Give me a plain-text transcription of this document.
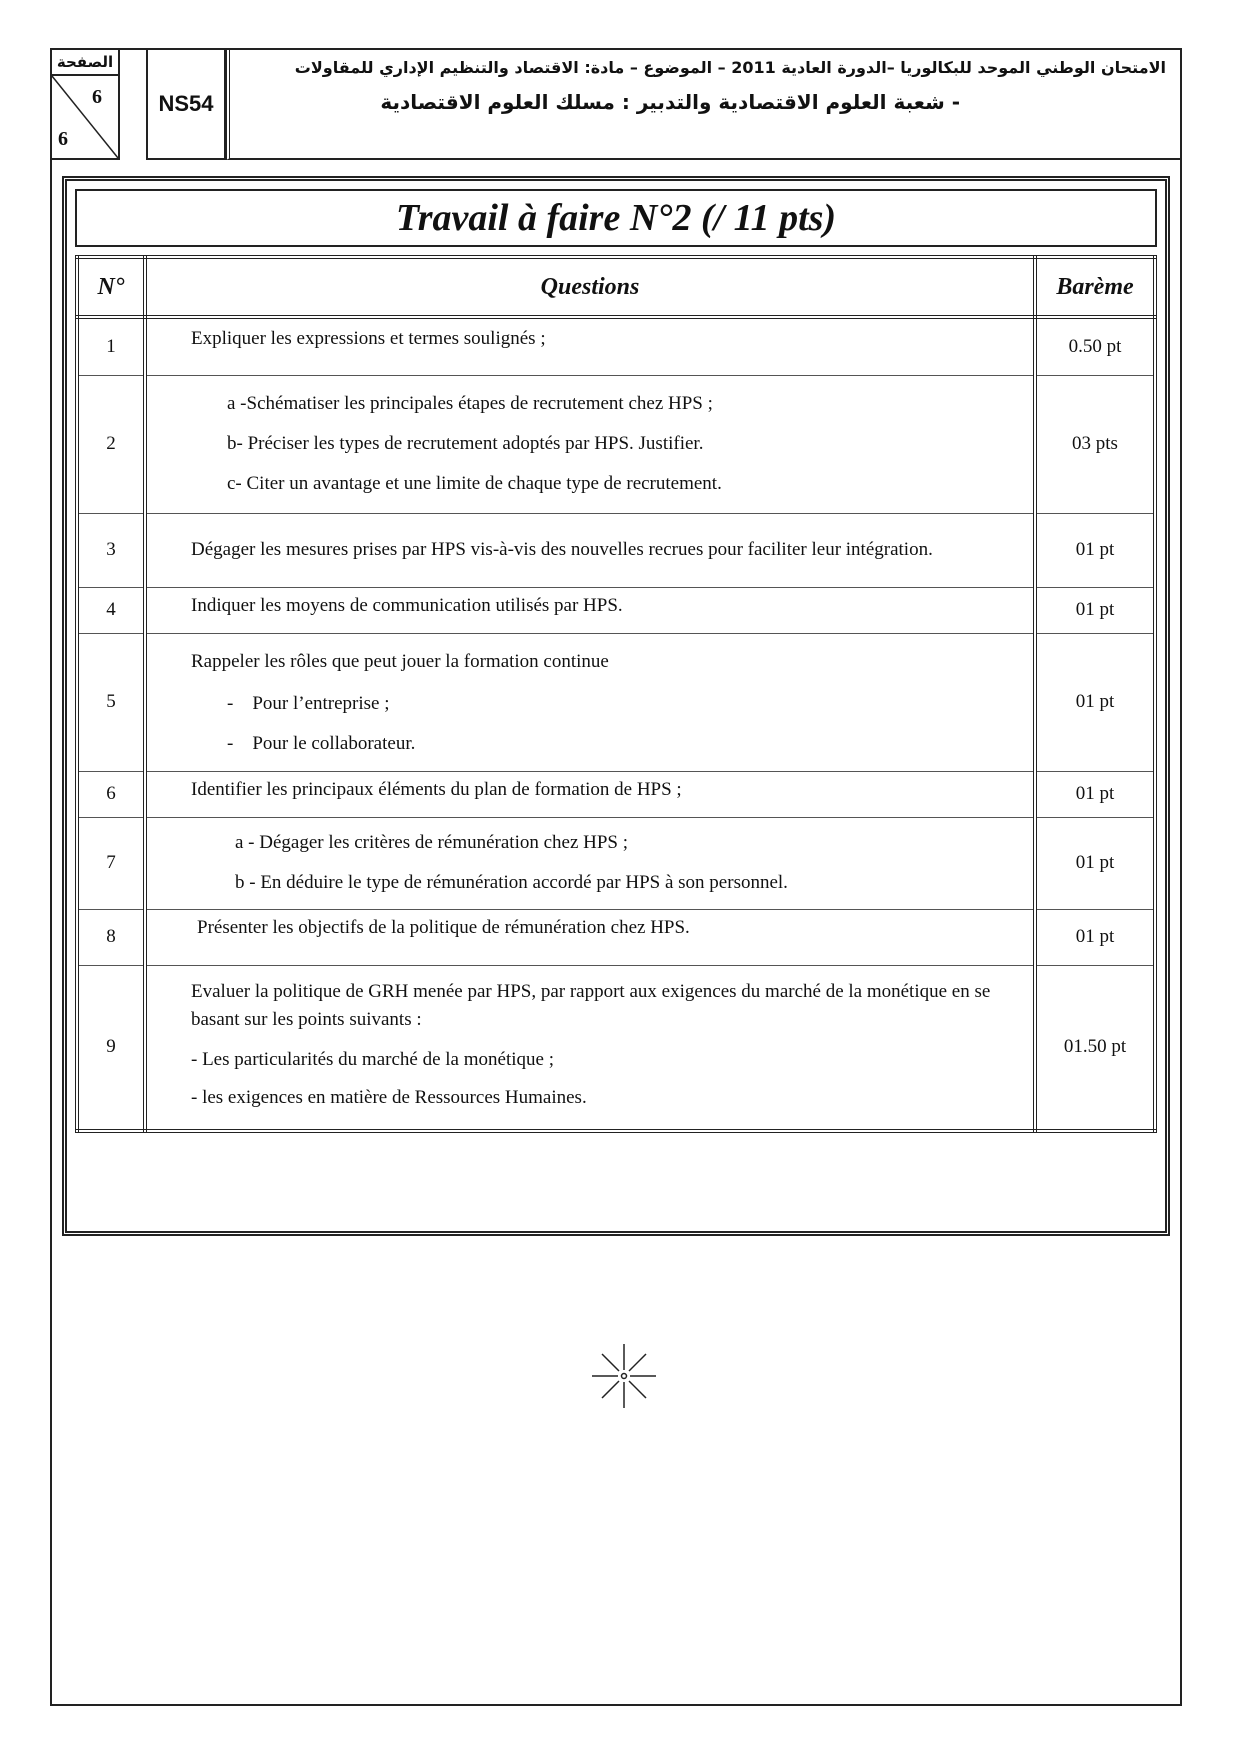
الصفحة
6
6
NS54
الامتحان الوطني الموحد للبكالوريا –الدورة العادية 2011 – الموضوع – مادة: الاقتصاد والتنظيم الإداري للمقاولات
- شعبة العلوم الاقتصادية والتدبير : مسلك العلوم الاقتصادية
Travail à faire N°2 (/ 11 pts)
N°	Questions	Barème
1	Expliquer les expressions et termes soulignés ;	0.50 pt
2	a -Schématiser les principales étapes de recrutement chez HPS ;
b- Préciser les types de recrutement adoptés par HPS. Justifier.
c- Citer un avantage et une limite de chaque type de recrutement.	03 pts
3	Dégager les mesures prises par HPS vis-à-vis des nouvelles recrues pour faciliter leur intégration.	01 pt
4	Indiquer les moyens de communication utilisés par HPS.	01 pt
5	Rappeler les rôles que peut jouer la formation continue
-    Pour l’entreprise ;
-    Pour le collaborateur.	01 pt
6	Identifier les principaux éléments du plan de formation de HPS ;	01 pt
7	a - Dégager les critères de rémunération chez HPS ;
b - En déduire le type de rémunération accordé par HPS à son personnel.	01 pt
8	Présenter les objectifs de la politique de rémunération chez HPS.	01 pt
9	Evaluer la politique de GRH menée par HPS, par rapport aux exigences du marché de la monétique en se basant sur les points suivants :
- Les particularités du marché de la monétique ;
- les exigences en matière de Ressources Humaines.	01.50 pt
